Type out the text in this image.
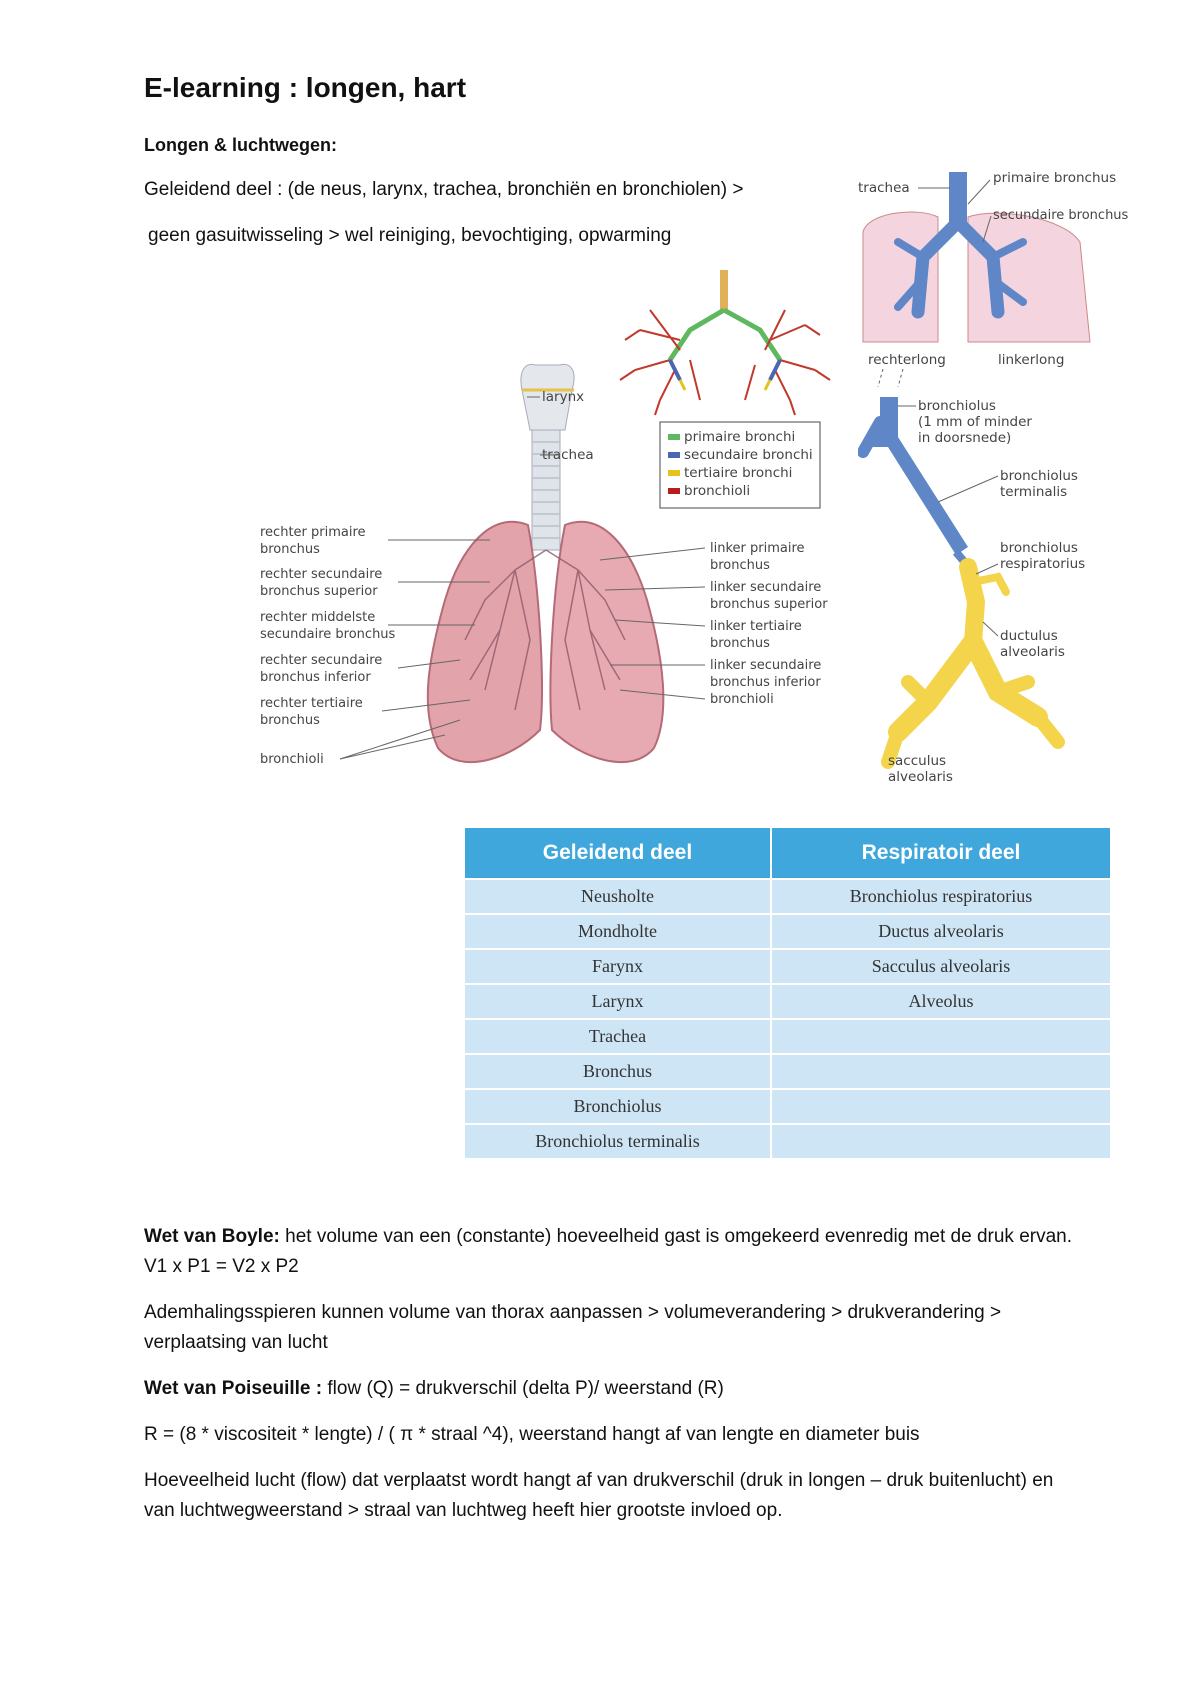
E-learning : longen, hart
Longen & luchtwegen:
Geleidend deel : (de neus, larynx, trachea, bronchiën en bronchiolen) >
geen gasuitwisseling > wel reiniging, bevochtiging, opwarming
primaire bronchi
secundaire bronchi
tertiaire bronchi
bronchioli
larynx
trachea
rechter primaire bronchus
rechter secundaire bronchus superior
rechter middelste secundaire bronchus
rechter secundaire bronchus inferior
rechter tertiaire bronchus
bronchioli
linker primaire bronchus
linker secundaire bronchus superior
linker tertiaire bronchus
linker secundaire bronchus inferior
bronchioli
trachea
primaire bronchus
secundaire bronchus
rechterlong	linkerlong
bronchiolus (1 mm of minder in doorsnede)
bronchiolus terminalis
bronchiolus respiratorius
ductulus alveolaris
sacculus alveolaris
Geleidend deel	Respiratoir deel
Neusholte	Bronchiolus respiratorius
Mondholte	Ductus alveolaris
Farynx	Sacculus alveolaris
Larynx	Alveolus
Trachea	
Bronchus	
Bronchiolus	
Bronchiolus terminalis	

Wet van Boyle: het volume van een (constante) hoeveelheid gast is omgekeerd evenredig met de druk ervan. V1 x P1 = V2 x P2

Ademhalingsspieren kunnen volume van thorax aanpassen > volumeverandering > drukverandering > verplaatsing van lucht

Wet van Poiseuille : flow (Q) = drukverschil (delta P)/ weerstand (R)

R = (8 * viscositeit * lengte) / ( π * straal ^4), weerstand hangt af van lengte en diameter buis

Hoeveelheid lucht (flow) dat verplaatst wordt hangt af van drukverschil (druk in longen – druk buitenlucht) en van luchtwegweerstand > straal van luchtweg heeft hier grootste invloed op.
